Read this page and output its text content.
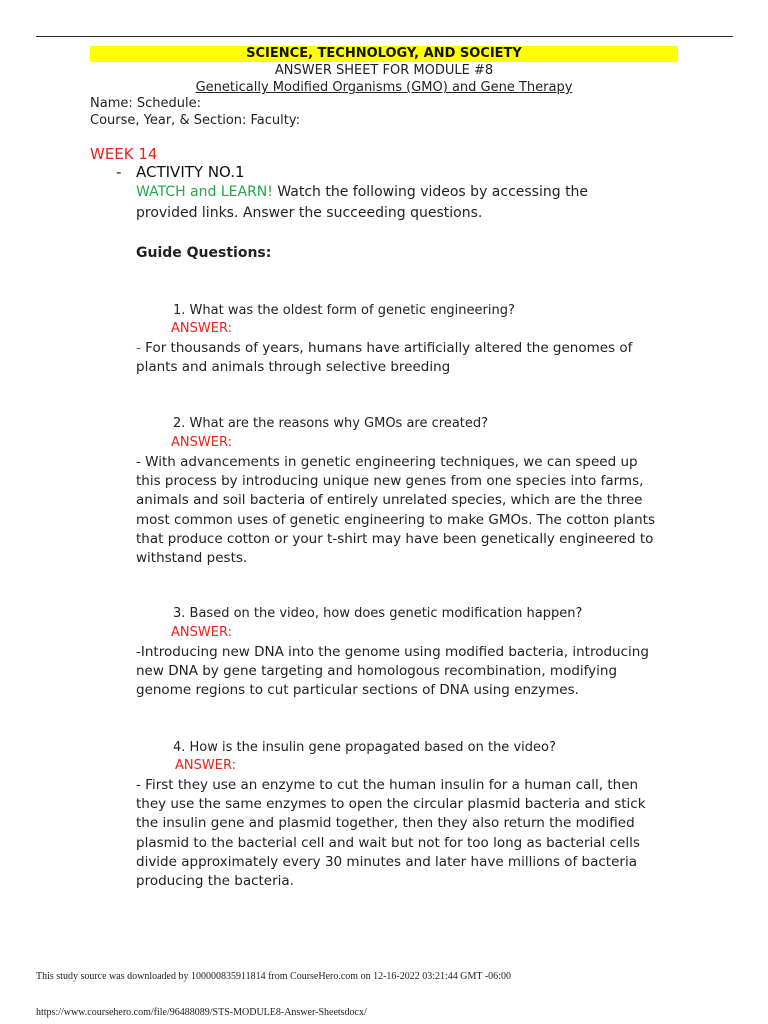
SCIENCE, TECHNOLOGY, AND SOCIETY
ANSWER SHEET FOR MODULE #8
Genetically Modified Organisms (GMO) and Gene Therapy
Name: Schedule:
Course, Year, & Section: Faculty:
WEEK 14
- ACTIVITY NO.1
WATCH and LEARN! Watch the following videos by accessing the
provided links. Answer the succeeding questions.
Guide Questions:
1. What was the oldest form of genetic engineering?
ANSWER:
- For thousands of years, humans have artificially altered the genomes of
plants and animals through selective breeding
2. What are the reasons why GMOs are created?
ANSWER:
- With advancements in genetic engineering techniques, we can speed up
this process by introducing unique new genes from one species into farms,
animals and soil bacteria of entirely unrelated species, which are the three
most common uses of genetic engineering to make GMOs. The cotton plants
that produce cotton or your t-shirt may have been genetically engineered to
withstand pests.
3. Based on the video, how does genetic modification happen?
ANSWER:
-Introducing new DNA into the genome using modified bacteria, introducing
new DNA by gene targeting and homologous recombination, modifying
genome regions to cut particular sections of DNA using enzymes.
4. How is the insulin gene propagated based on the video?
ANSWER:
- First they use an enzyme to cut the human insulin for a human call, then
they use the same enzymes to open the circular plasmid bacteria and stick
the insulin gene and plasmid together, then they also return the modified
plasmid to the bacterial cell and wait but not for too long as bacterial cells
divide approximately every 30 minutes and later have millions of bacteria
producing the bacteria.
This study source was downloaded by 100000835911814 from CourseHero.com on 12-16-2022 03:21:44 GMT -06:00
https://www.coursehero.com/file/96488089/STS-MODULE8-Answer-Sheetsdocx/
